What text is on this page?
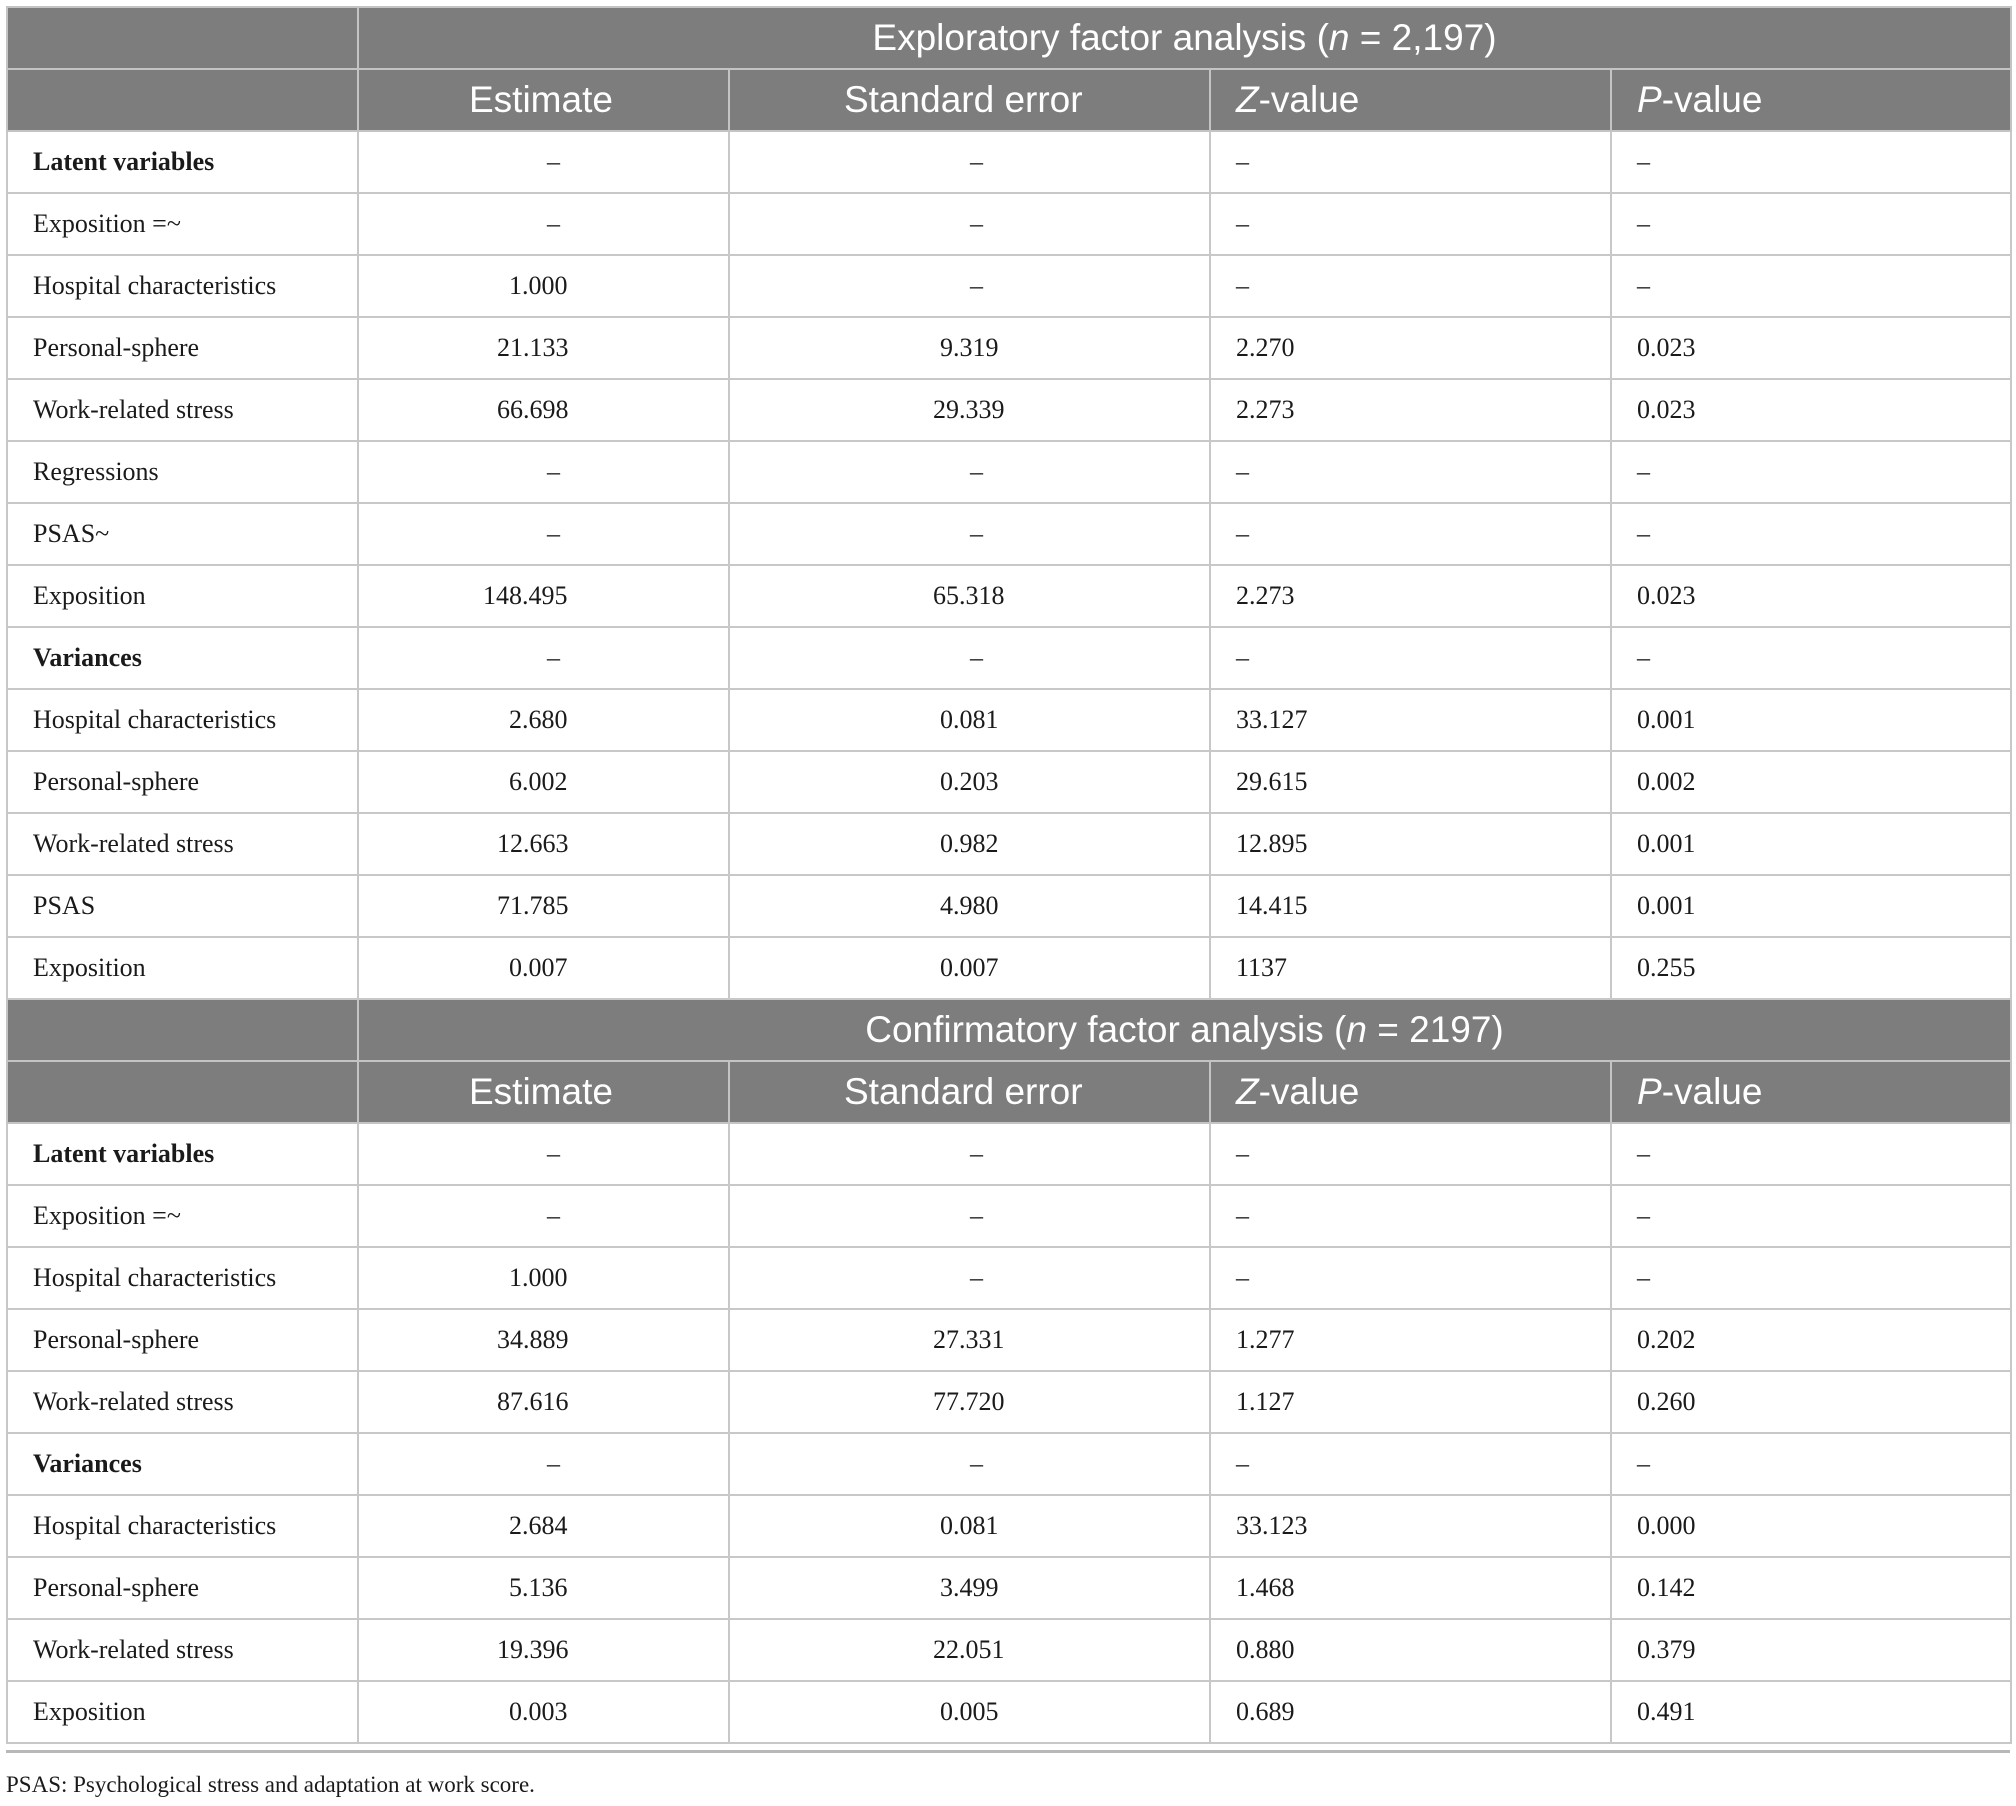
	Exploratory factor analysis (n = 2,197)			
	Estimate	Standard error	Z-value	P-value
Latent variables	–	–	–	–
Exposition =~	–	–	–	–
Hospital characteristics	1.000	–	–	–
Personal-sphere	21.133	9.319	2.270	0.023
Work-related stress	66.698	29.339	2.273	0.023
Regressions	–	–	–	–
PSAS~	–	–	–	–
Exposition	148.495	65.318	2.273	0.023
Variances	–	–	–	–
Hospital characteristics	2.680	0.081	33.127	0.001
Personal-sphere	6.002	0.203	29.615	0.002
Work-related stress	12.663	0.982	12.895	0.001
PSAS	71.785	4.980	14.415	0.001
Exposition	0.007	0.007	1137	0.255
	Confirmatory factor analysis (n = 2197)			
	Estimate	Standard error	Z-value	P-value
Latent variables	–	–	–	–
Exposition =~	–	–	–	–
Hospital characteristics	1.000	–	–	–
Personal-sphere	34.889	27.331	1.277	0.202
Work-related stress	87.616	77.720	1.127	0.260
Variances	–	–	–	–
Hospital characteristics	2.684	0.081	33.123	0.000
Personal-sphere	5.136	3.499	1.468	0.142
Work-related stress	19.396	22.051	0.880	0.379
Exposition	0.003	0.005	0.689	0.491
PSAS: Psychological stress and adaptation at work score.
